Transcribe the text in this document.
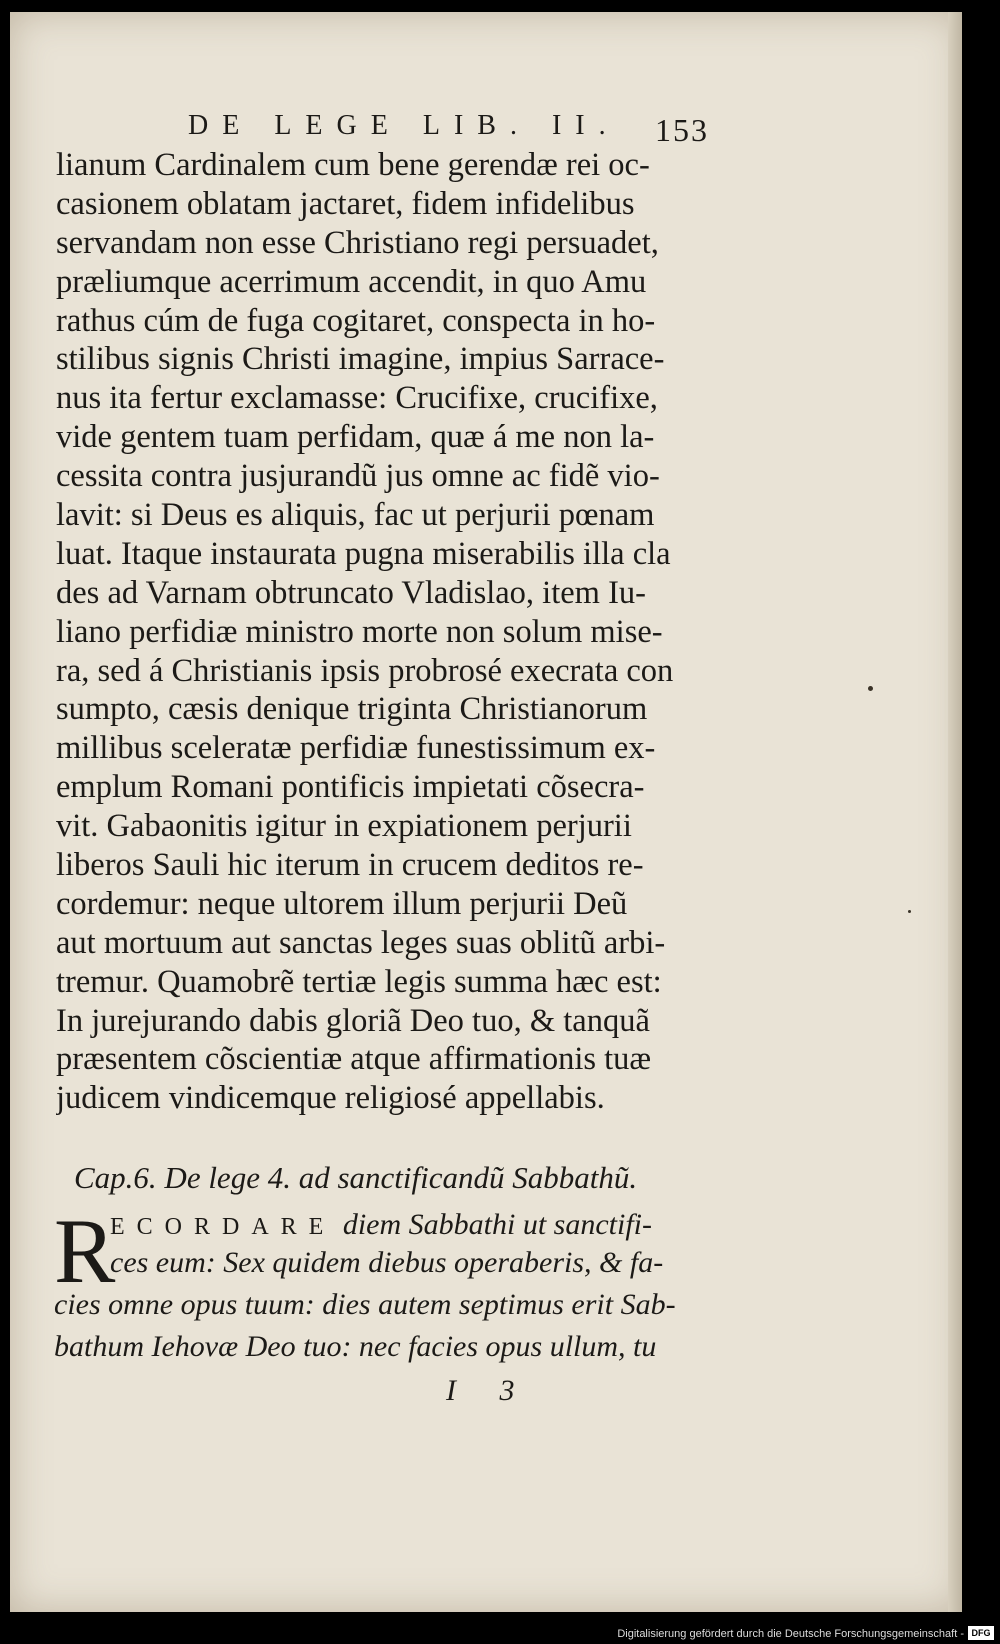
DE LEGE LIB. II.	153
lianum Cardinalem cum bene gerendæ rei oc-
casionem oblatam jactaret, fidem infidelibus
servandam non esse Christiano regi persuadet,
præliumque acerrimum accendit, in quo Amu
rathus cúm de fuga cogitaret, conspecta in ho-
stilibus signis Christi imagine, impius Sarrace-
nus ita fertur exclamasse: Crucifixe, crucifixe,
vide gentem tuam perfidam, quæ á me non la-
cessita contra jusjurandũ jus omne ac fidẽ vio-
lavit: si Deus es aliquis, fac ut perjurii pœnam
luat. Itaque instaurata pugna miserabilis illa cla
des ad Varnam obtruncato Vladislao, item Iu-
liano perfidiæ ministro morte non solum mise-
ra, sed á Christianis ipsis probrosé execrata con
sumpto, cæsis denique triginta Christianorum
millibus sceleratæ perfidiæ funestissimum ex-
emplum Romani pontificis impietati cõsecra-
vit. Gabaonitis igitur in expiationem perjurii
liberos Sauli hic iterum in crucem deditos re-
cordemur: neque ultorem illum perjurii Deũ
aut mortuum aut sanctas leges suas oblitũ arbi-
tremur. Quamobrẽ tertiæ legis summa hæc est:
In jurejurando dabis gloriã Deo tuo, & tanquã
præsentem cõscientiæ atque affirmationis tuæ
judicem vindicemque religiosé appellabis.
Cap.6. De lege 4. ad sanctificandũ Sabbathũ.
R
ECORDARE diem Sabbathi ut sanctifi-
ces eum: Sex quidem diebus operaberis, & fa-
cies omne opus tuum: dies autem septimus erit Sab-
bathum Iehovæ Deo tuo: nec facies opus ullum, tu
I 3
Digitalisierung gefördert durch die Deutsche Forschungsgemeinschaft - DFG
